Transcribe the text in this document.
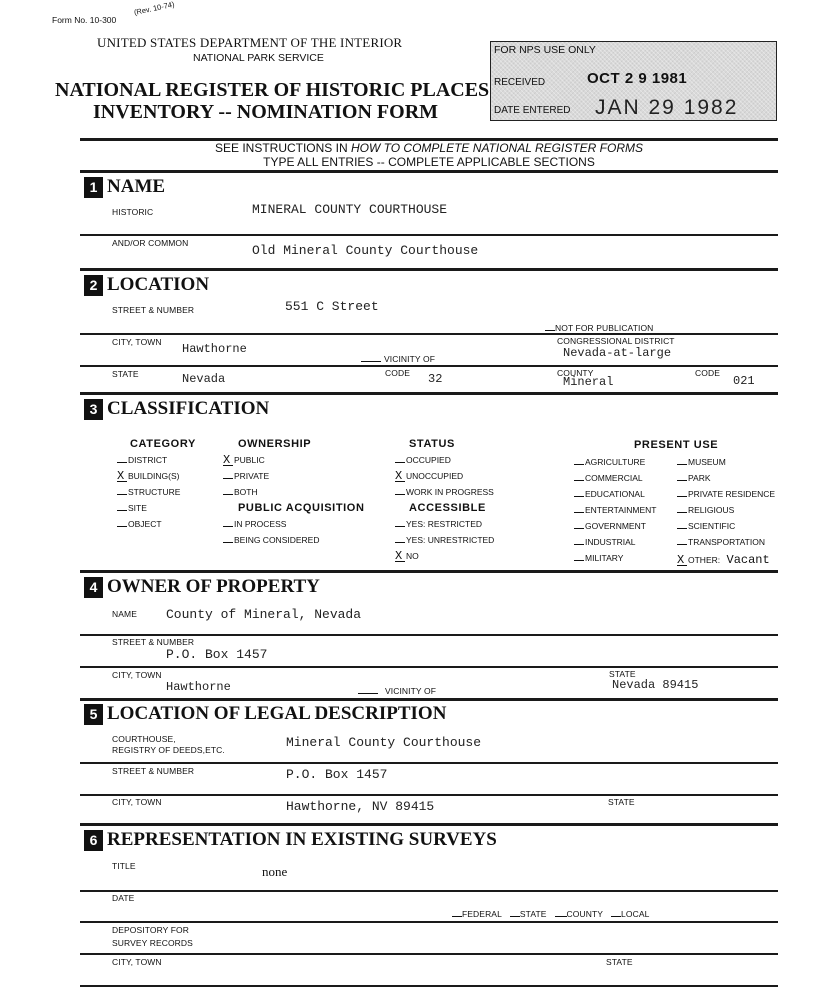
Form No. 10-300
(Rev. 10-74)
UNITED STATES DEPARTMENT OF THE INTERIOR
NATIONAL PARK SERVICE
NATIONAL REGISTER OF HISTORIC PLACES
INVENTORY -- NOMINATION FORM
FOR NPS USE ONLY
RECEIVED	OCT 2 9 1981
DATE ENTERED JAN 29 1982
SEE INSTRUCTIONS IN HOW TO COMPLETE NATIONAL REGISTER FORMS
TYPE ALL ENTRIES -- COMPLETE APPLICABLE SECTIONS
1 NAME
HISTORIC	MINERAL COUNTY COURTHOUSE
AND/OR COMMON	Old Mineral County Courthouse
2 LOCATION
STREET & NUMBER	551 C Street
NOT FOR PUBLICATION
CITY, TOWN Hawthorne
VICINITY OF
CONGRESSIONAL DISTRICT
Nevada-at-large
STATE	Nevada	CODE 32	COUNTY
Mineral
CODE
021
3 CLASSIFICATION
CATEGORY
DISTRICT
X BUILDING(S)
STRUCTURE
SITE
OBJECT
OWNERSHIP
X PUBLIC
PRIVATE
BOTH
PUBLIC ACQUISITION
IN PROCESS
BEING CONSIDERED
STATUS
OCCUPIED
X UNOCCUPIED
WORK IN PROGRESS
ACCESSIBLE
YES: RESTRICTED
YES: UNRESTRICTED
X NO
PRESENT USE
AGRICULTURE
COMMERCIAL
EDUCATIONAL
ENTERTAINMENT
GOVERNMENT
INDUSTRIAL
MILITARY
MUSEUM
PARK
PRIVATE RESIDENCE
RELIGIOUS
SCIENTIFIC
TRANSPORTATION
X OTHER: Vacant
4 OWNER OF PROPERTY
NAME County of Mineral, Nevada
STREET & NUMBER
P.O. Box 1457
CITY, TOWN
Hawthorne	VICINITY OF
STATE
Nevada 89415
5 LOCATION OF LEGAL DESCRIPTION
COURTHOUSE,
REGISTRY OF DEEDS,ETC.	Mineral County Courthouse
STREET & NUMBER	P.O. Box 1457
CITY, TOWN	Hawthorne, NV 89415	STATE
6 REPRESENTATION IN EXISTING SURVEYS
TITLE	none
DATE
FEDERAL	STATE	COUNTY	LOCAL
DEPOSITORY FOR
SURVEY RECORDS
CITY, TOWN	STATE
